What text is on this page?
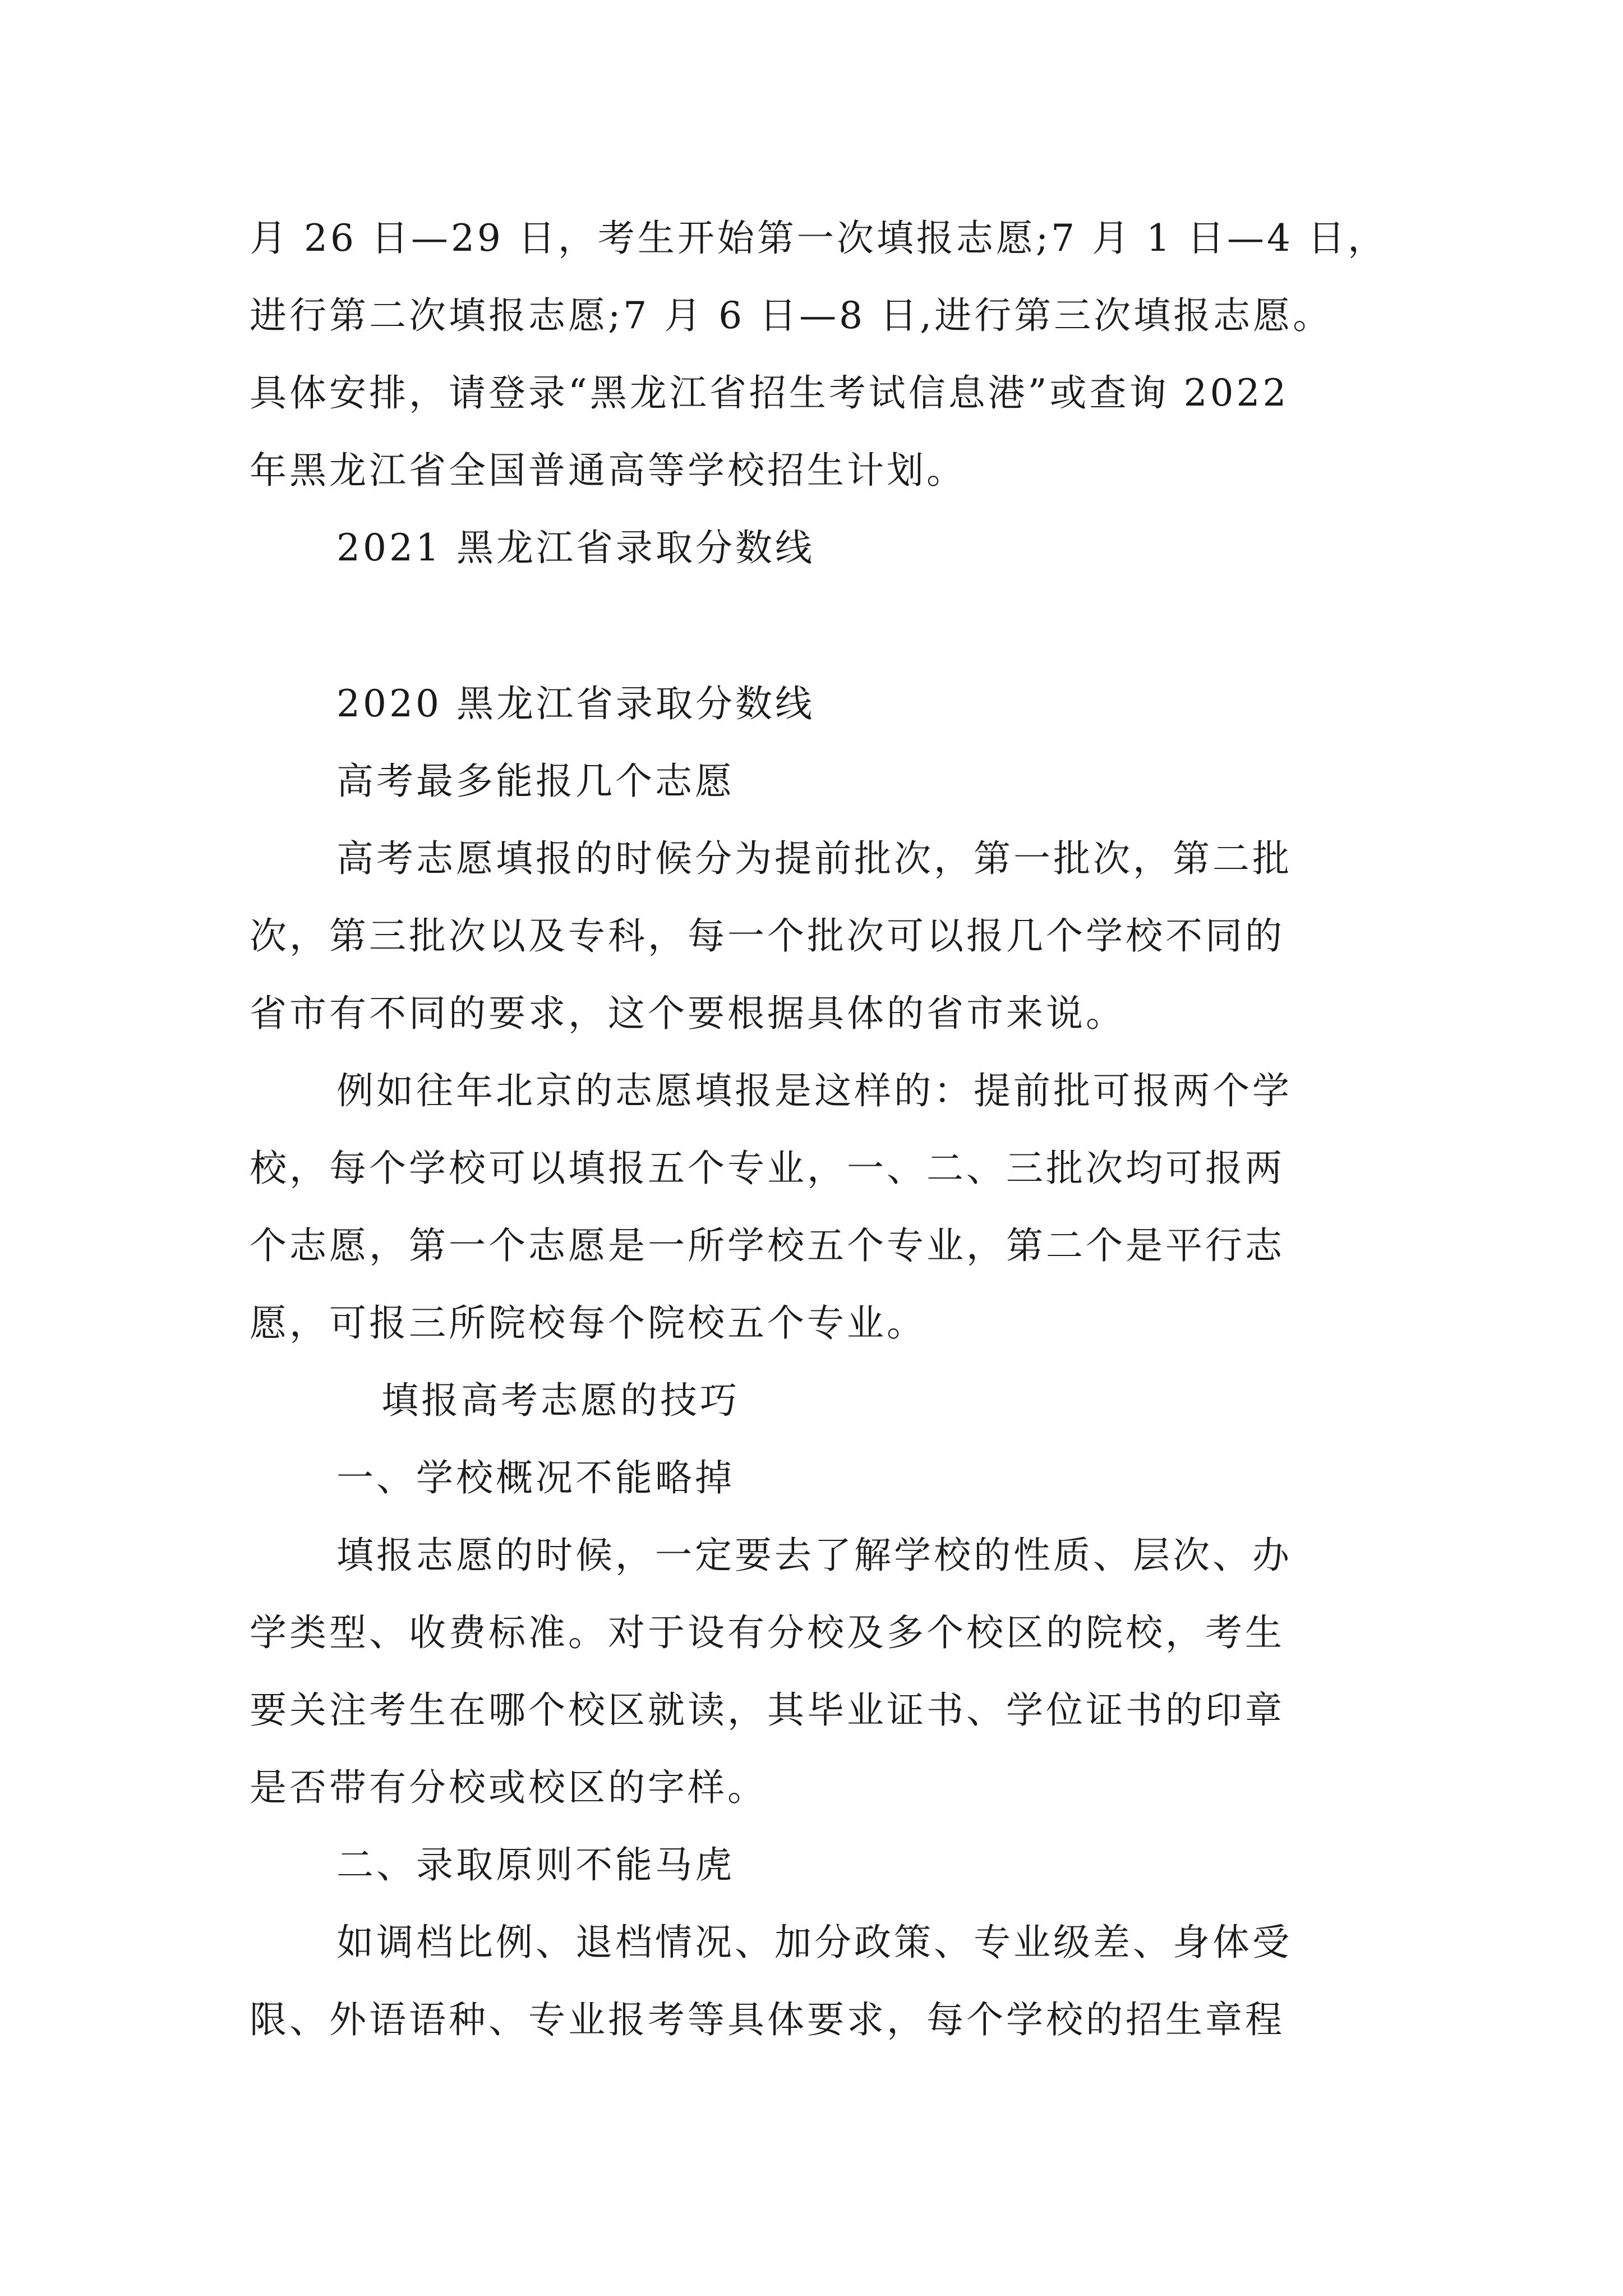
月 26 日—29 日，考生开始第一次填报志愿;7 月 1 日—4 日，
进行第二次填报志愿;7 月 6 日—8 日,进行第三次填报志愿。
具体安排，请登录“黑龙江省招生考试信息港”或查询 2022
年黑龙江省全国普通高等学校招生计划。
2021 黑龙江省录取分数线
2020 黑龙江省录取分数线
高考最多能报几个志愿
高考志愿填报的时候分为提前批次，第一批次，第二批
次，第三批次以及专科，每一个批次可以报几个学校不同的
省市有不同的要求，这个要根据具体的省市来说。
例如往年北京的志愿填报是这样的：提前批可报两个学
校，每个学校可以填报五个专业，一、二、三批次均可报两
个志愿，第一个志愿是一所学校五个专业，第二个是平行志
愿，可报三所院校每个院校五个专业。
填报高考志愿的技巧
一、学校概况不能略掉
填报志愿的时候，一定要去了解学校的性质、层次、办
学类型、收费标准。对于设有分校及多个校区的院校，考生
要关注考生在哪个校区就读，其毕业证书、学位证书的印章
是否带有分校或校区的字样。
二、录取原则不能马虎
如调档比例、退档情况、加分政策、专业级差、身体受
限、外语语种、专业报考等具体要求，每个学校的招生章程
